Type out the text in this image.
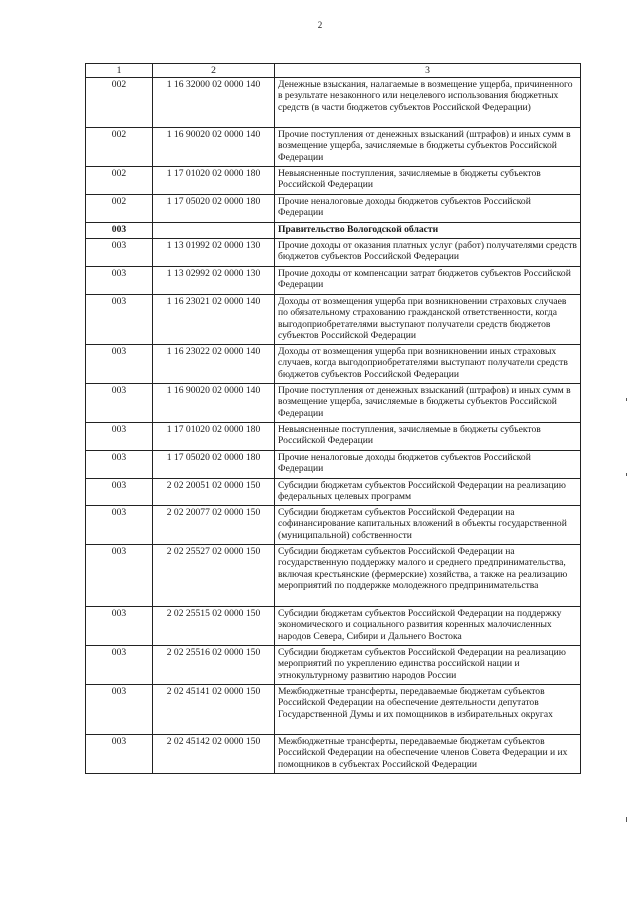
2
1	2	3
002	1 16 32000 02 0000 140	Денежные взыскания, налагаемые в возмещение ущерба, причиненного в результате незаконного или нецелевого использования бюджетных средств (в части бюджетов субъектов Российской Федерации)
002	1 16 90020 02 0000 140	Прочие поступления от денежных взысканий (штрафов) и иных сумм в возмещение ущерба, зачисляемые в бюджеты субъектов Российской Федерации
002	1 17 01020 02 0000 180	Невыясненные поступления, зачисляемые в бюджеты субъектов Российской Федерации
002	1 17 05020 02 0000 180	Прочие неналоговые доходы бюджетов субъектов Российской Федерации
003		Правительство Вологодской области
003	1 13 01992 02 0000 130	Прочие доходы от оказания платных услуг (работ) получателями средств бюджетов субъектов Российской Федерации
003	1 13 02992 02 0000 130	Прочие доходы от компенсации затрат бюджетов субъектов Российской Федерации
003	1 16 23021 02 0000 140	Доходы от возмещения ущерба при возникновении страховых случаев по обязательному страхованию гражданской ответственности, когда выгодоприобретателями выступают получатели средств бюджетов субъектов Российской Федерации
003	1 16 23022 02 0000 140	Доходы от возмещения ущерба при возникновении иных страховых случаев, когда выгодоприобретателями выступают получатели средств бюджетов субъектов Российской Федерации
003	1 16 90020 02 0000 140	Прочие поступления от денежных взысканий (штрафов) и иных сумм в возмещение ущерба, зачисляемые в бюджеты субъектов Российской Федерации
003	1 17 01020 02 0000 180	Невыясненные поступления, зачисляемые в бюджеты субъектов Российской Федерации
003	1 17 05020 02 0000 180	Прочие неналоговые доходы бюджетов субъектов Российской Федерации
003	2 02 20051 02 0000 150	Субсидии бюджетам субъектов Российской Федерации на реализацию федеральных целевых программ
003	2 02 20077 02 0000 150	Субсидии бюджетам субъектов Российской Федерации на софинансирование капитальных вложений в объекты государственной (муниципальной) собственности
003	2 02 25527 02 0000 150	Субсидии бюджетам субъектов Российской Федерации на государственную поддержку малого и среднего предпринимательства, включая крестьянские (фермерские) хозяйства, а также на реализацию мероприятий по поддержке молодежного предпринимательства
003	2 02 25515 02 0000 150	Субсидии бюджетам субъектов Российской Федерации на поддержку экономического и социального развития коренных малочисленных народов Севера, Сибири и Дальнего Востока
003	2 02 25516 02 0000 150	Субсидии бюджетам субъектов Российской Федерации на реализацию мероприятий по укреплению единства российской нации и этнокультурному развитию народов России
003	2 02 45141 02 0000 150	Межбюджетные трансферты, передаваемые бюджетам субъектов Российской Федерации на обеспечение деятельности депутатов Государственной Думы и их помощников в избирательных округах
003	2 02 45142 02 0000 150	Межбюджетные трансферты, передаваемые бюджетам субъектов Российской Федерации на обеспечение членов Совета Федерации и их помощников в субъектах Российской Федерации
